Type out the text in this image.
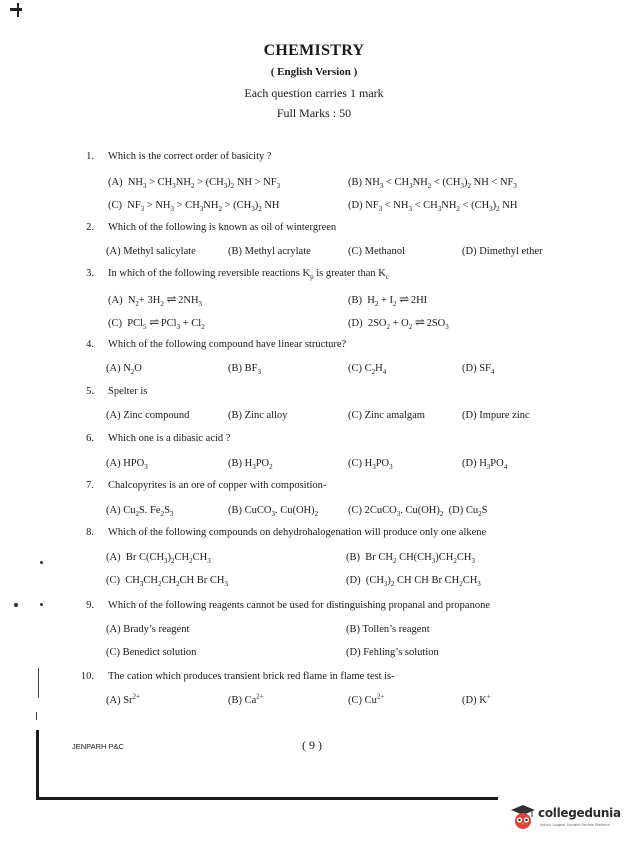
CHEMISTRY
( English Version )
Each question carries 1 mark
Full Marks : 50
1. Which is the correct order of basicity ?
(A)  $NH_3 > CH_3NH_2 > (CH_3)_2$ NH > $NF_3$	(B) $NH_3 < CH_3NH_2 < (CH_3)_2$ NH < $NF_3$
(C)  $NF_3 > NH_3 > CH_3NH_2 > (CH_3)_2$ NH	(D) $NF_3 < NH_3 < CH_3NH_2 < (CH_3)_2$ NH
2. Which of the following is known as oil of wintergreen
(A) Methyl salicylate	(B) Methyl acrylate	(C) Methanol	(D) Dimethyl ether
3. In which of the following reversible reactions $K_p$ is greater than $K_c$
(A)  $N_2+ 3H_2$ ⇌ $2NH_3$	(B)  $H_2 + I_2$ ⇌ 2HI
(C)  PCl$_5$ ⇌ $PCl_3 + Cl_2$	(D)  $2SO_2 + O_2$ ⇌ $2SO_3$
4. Which of the following compound have linear structure?
(A) $N_2O$	(B) $BF_3$	(C) $C_2H_4$	(D) $SF_4$
5. Spelter is
(A) Zinc compound	(B) Zinc alloy	(C) Zinc amalgam	(D) Impure zinc
6. Which one is a dibasic acid ?
(A) $HPO_3$	(B) $H_3PO_2$	(C) $H_3PO_3$	(D) $H_3PO_4$
7. Chalcopyrites is an ore of copper with composition-
(A) $Cu_2S$. $Fe_2S_3$	(B) CuCO$_3$. $Cu(OH)_2$	(C) 2CuCO$_3$. $Cu(OH)_2$  (D) $Cu_2S$
8. Which of the following compounds on dehydrohalogenation will produce only one alkene
(A)  Br $C(CH_3)_2CH_2CH_3$	(B)  Br $CH_2$ $CH(CH_3)CH_2CH_3$
(C)  $CH_3CH_2CH_2CH$ Br $CH_3$	(D)  $(CH_3)_2$ CH CH Br $CH_2CH_3$
9. Which of the following reagents cannot be used for distinguishing propanal and propanone
(A) Brady’s reagent	(B) Tollen’s reagent
(C) Benedict solution	(D) Fehling’s solution
10. The cation which produces transient brick red flame in flame test is-
(A) $Sr^{2+}$	(B) $Ca^{2+}$	(C) $Cu^{2+}$	(D) K+
JENPARH P&C	( 9 )
collegedunia
India's Largest Student Review Platform
